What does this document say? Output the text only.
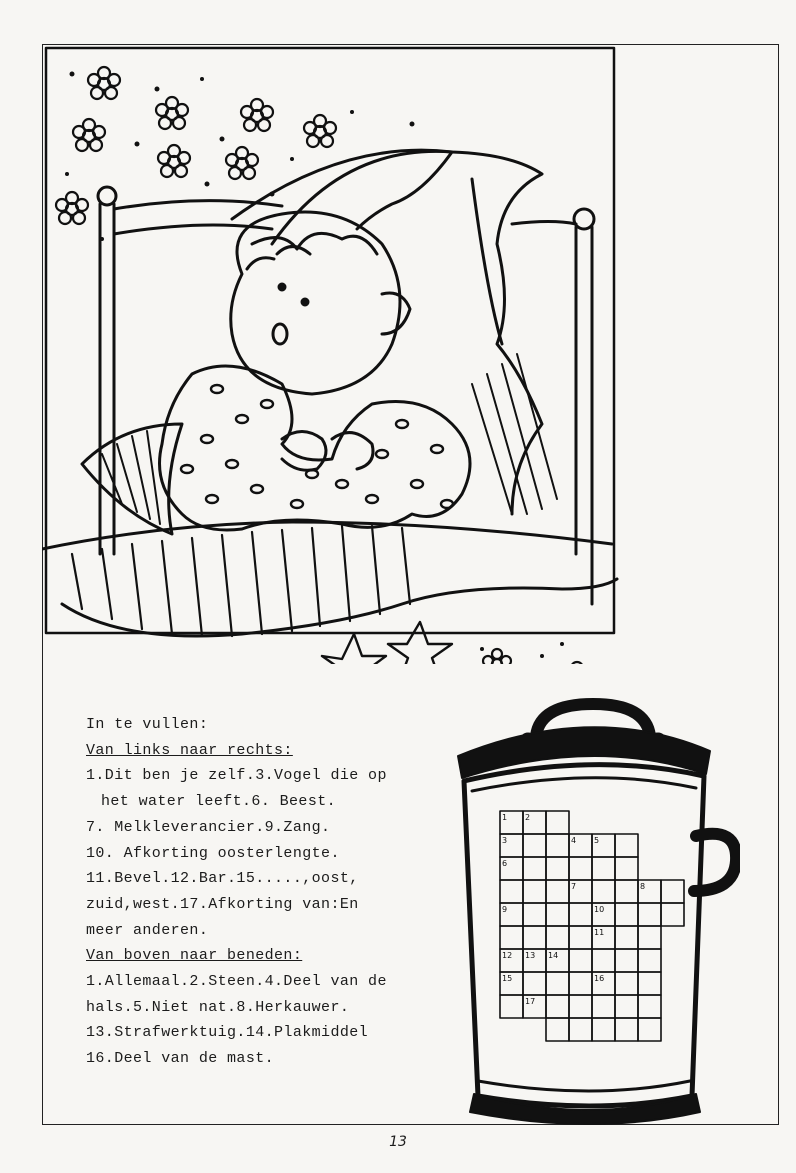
In te vullen:
Van links naar rechts:
1.Dit ben je zelf.3.Vogel die op
het water leeft.6. Beest.
7. Melkleverancier.9.Zang.
10. Afkorting oosterlengte.
11.Bevel.12.Bar.15.....,oost,
zuid,west.17.Afkorting van:En
meer anderen.
Van boven naar beneden:
1.Allemaal.2.Steen.4.Deel van de
hals.5.Niet nat.8.Herkauwer.
13.Strafwerktuig.14.Plakmiddel
16.Deel van de mast.
1 2
3	4 5
6
7	8
9	10
11
12 13 14
15	16
17
13
